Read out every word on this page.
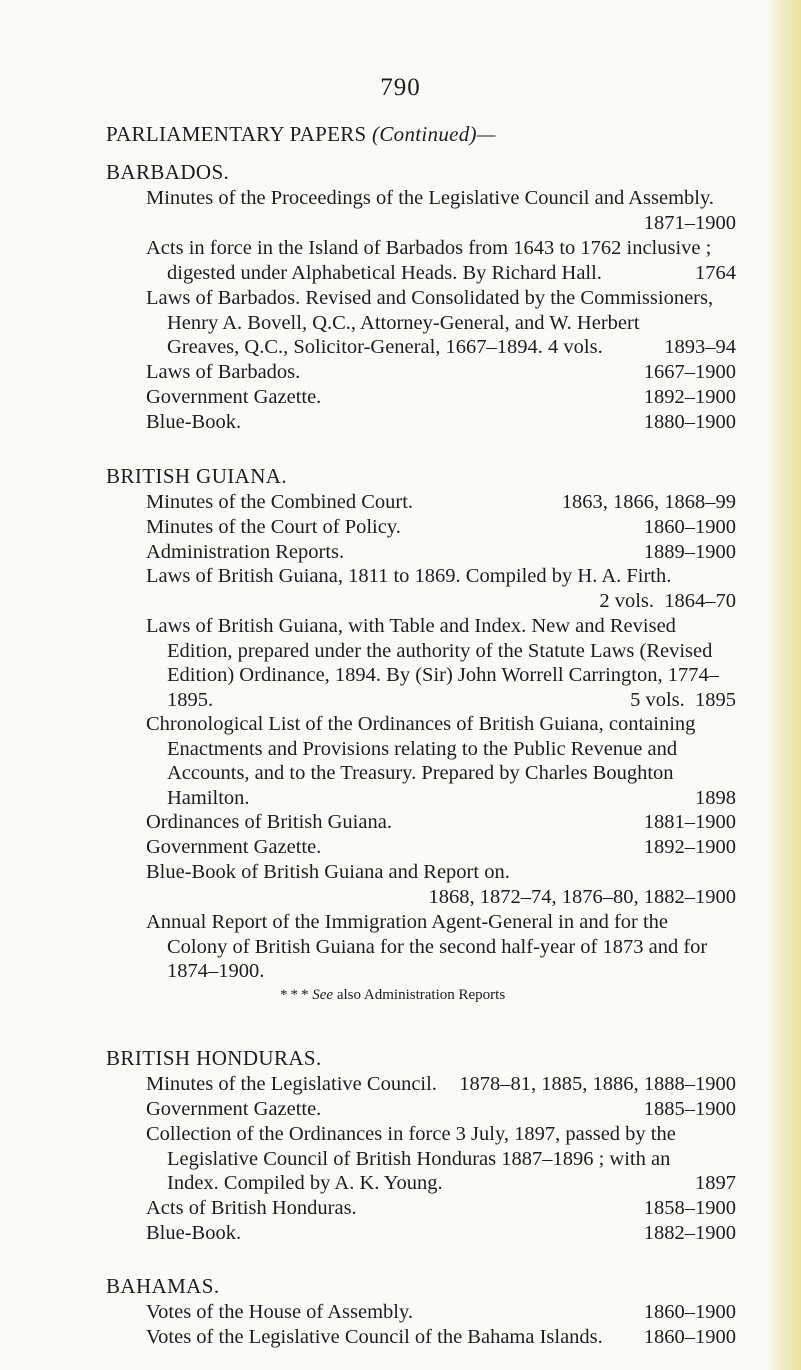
790
PARLIAMENTARY PAPERS (Continued)—
BARBADOS.
Minutes of the Proceedings of the Legislative Council and Assembly.
1871–1900
Acts in force in the Island of Barbados from 1643 to 1762 inclusive ;
digested under Alphabetical Heads. By Richard Hall.	1764
Laws of Barbados. Revised and Consolidated by the Commissioners,
Henry A. Bovell, Q.C., Attorney-General, and W. Herbert
Greaves, Q.C., Solicitor-General, 1667–1894. 4 vols.	1893–94
Laws of Barbados.	1667–1900
Government Gazette.	1892–1900
Blue-Book.	1880–1900
BRITISH GUIANA.
Minutes of the Combined Court.	1863, 1866, 1868–99
Minutes of the Court of Policy.	1860–1900
Administration Reports.	1889–1900
Laws of British Guiana, 1811 to 1869. Compiled by H. A. Firth.
2 vols. 1864–70
Laws of British Guiana, with Table and Index. New and Revised
Edition, prepared under the authority of the Statute Laws (Revised
Edition) Ordinance, 1894. By (Sir) John Worrell Carrington, 1774–
1895.	5 vols. 1895
Chronological List of the Ordinances of British Guiana, containing
Enactments and Provisions relating to the Public Revenue and
Accounts, and to the Treasury. Prepared by Charles Boughton
Hamilton.	1898
Ordinances of British Guiana.	1881–1900
Government Gazette.	1892–1900
Blue-Book of British Guiana and Report on.
1868, 1872–74, 1876–80, 1882–1900
Annual Report of the Immigration Agent-General in and for the
Colony of British Guiana for the second half-year of 1873 and for
1874–1900.
* * * See also Administration Reports
BRITISH HONDURAS.
Minutes of the Legislative Council. 1878–81, 1885, 1886, 1888–1900
Government Gazette.	1885–1900
Collection of the Ordinances in force 3 July, 1897, passed by the
Legislative Council of British Honduras 1887–1896 ; with an
Index. Compiled by A. K. Young.	1897
Acts of British Honduras.	1858–1900
Blue-Book.	1882–1900
BAHAMAS.
Votes of the House of Assembly.	1860–1900
Votes of the Legislative Council of the Bahama Islands. 1860–1900
